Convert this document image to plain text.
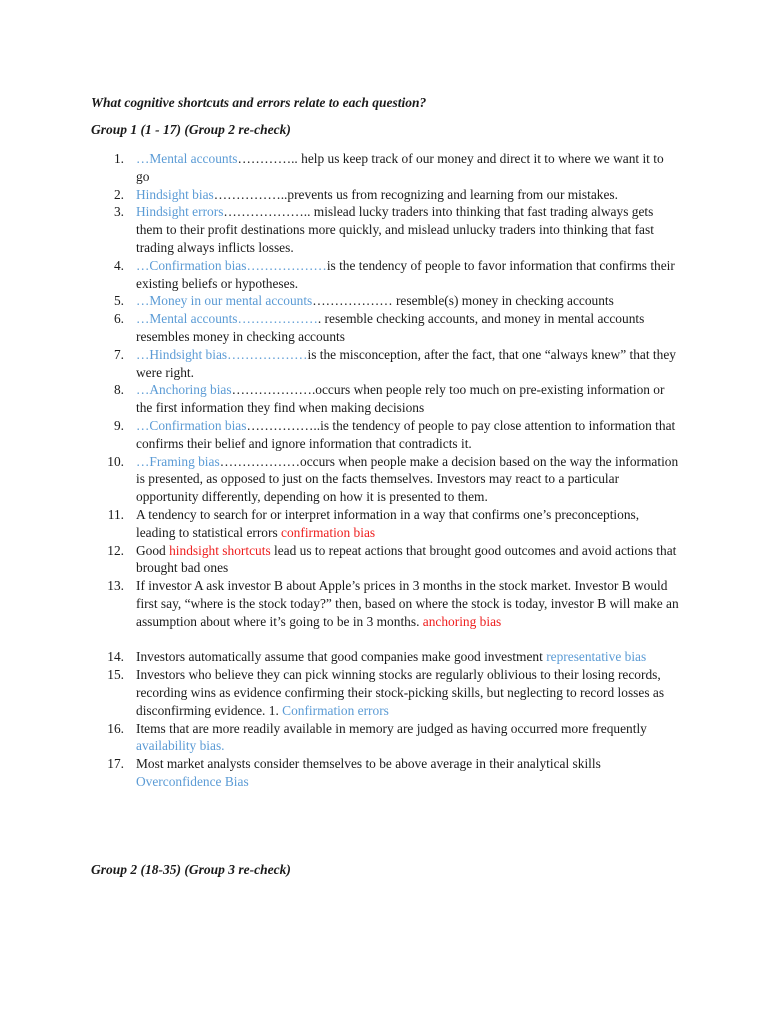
What cognitive shortcuts and errors relate to each question?
Group 1 (1 - 17) (Group 2 re-check)
1. …Mental accounts………….. help us keep track of our money and direct it to where we want it to go
2. Hindsight bias……………..prevents us from recognizing and learning from our mistakes.
3. Hindsight errors……………….. mislead lucky traders into thinking that fast trading always gets them to their profit destinations more quickly, and mislead unlucky traders into thinking that fast trading always inflicts losses.
4. …Confirmation bias………………is the tendency of people to favor information that confirms their existing beliefs or hypotheses.
5. …Money in our mental accounts……………… resemble(s) money in checking accounts
6. …Mental accounts………………. resemble checking accounts, and money in mental accounts resembles money in checking accounts
7. …Hindsight bias………………is the misconception, after the fact, that one “always knew” that they were right.
8. …Anchoring bias……………….occurs when people rely too much on pre-existing information or the first information they find when making decisions
9. …Confirmation bias……………..is the tendency of people to pay close attention to information that confirms their belief and ignore information that contradicts it.
10. …Framing bias………………occurs when people make a decision based on the way the information is presented, as opposed to just on the facts themselves. Investors may react to a particular opportunity differently, depending on how it is presented to them.
11. A tendency to search for or interpret information in a way that confirms one’s preconceptions, leading to statistical errors confirmation bias
12. Good hindsight shortcuts lead us to repeat actions that brought good outcomes and avoid actions that brought bad ones
13. If investor A ask investor B about Apple’s prices in 3 months in the stock market. Investor B would first say, “where is the stock today?” then, based on where the stock is today, investor B will make an assumption about where it’s going to be in 3 months. anchoring bias
14. Investors automatically assume that good companies make good investment representative bias
15. Investors who believe they can pick winning stocks are regularly oblivious to their losing records, recording wins as evidence confirming their stock-picking skills, but neglecting to record losses as disconfirming evidence. 1. Confirmation errors
16. Items that are more readily available in memory are judged as having occurred more frequently availability bias.
17. Most market analysts consider themselves to be above average in their analytical skills Overconfidence Bias
Group 2 (18-35) (Group 3 re-check)
